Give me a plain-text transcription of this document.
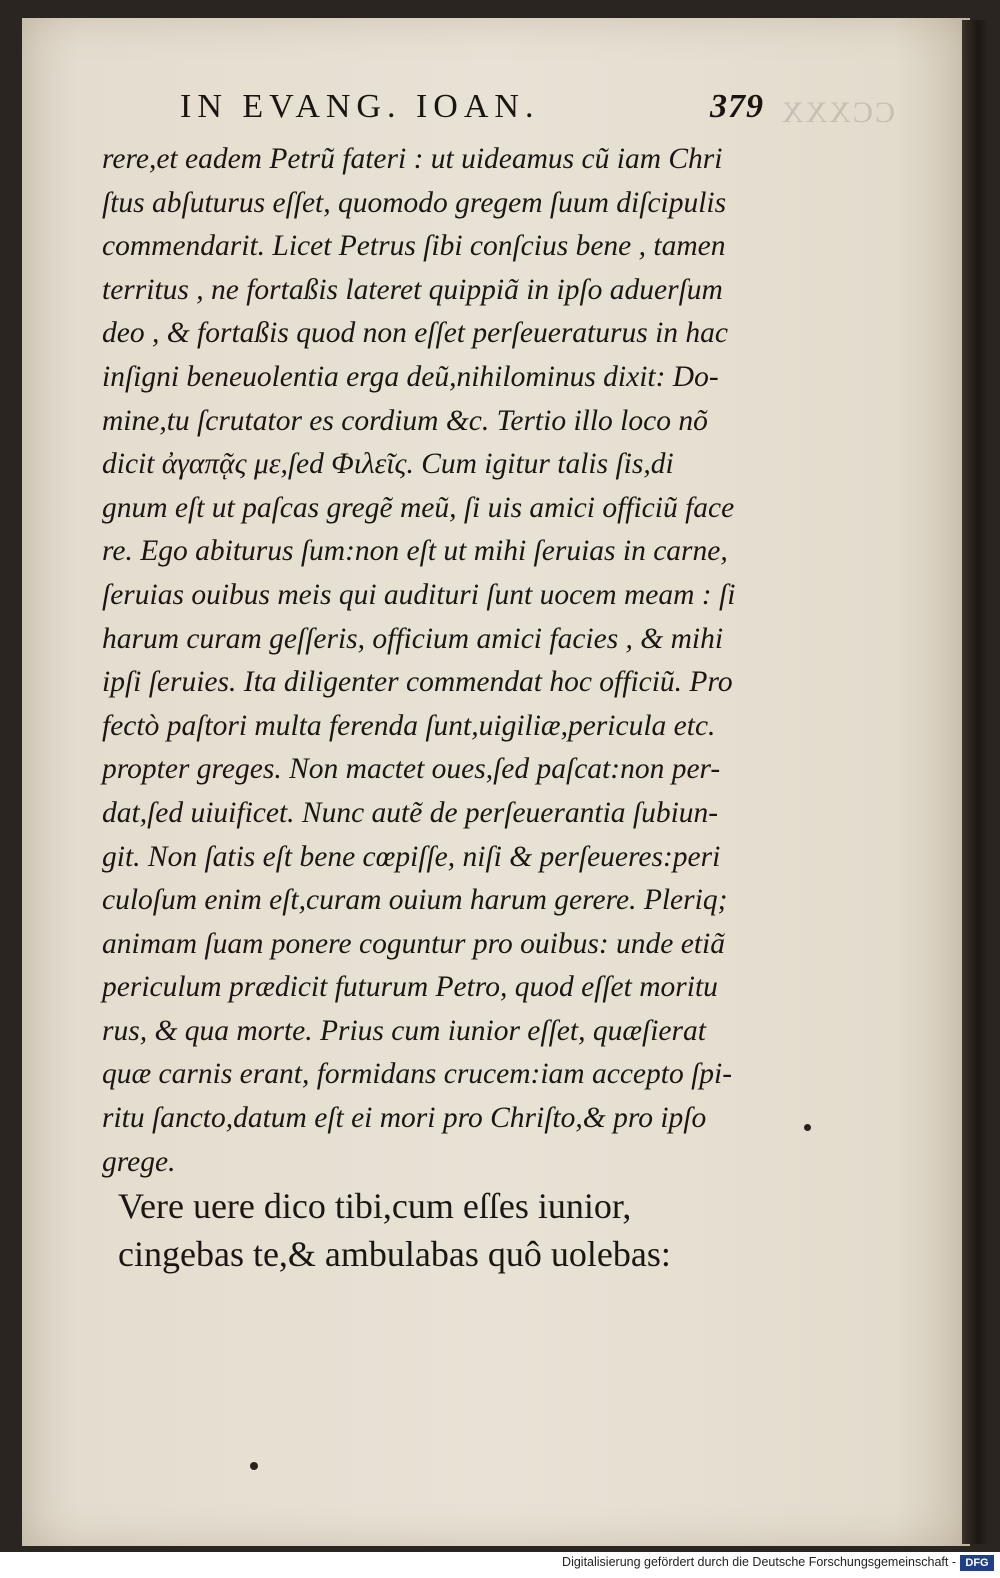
CCXXX
IN EVANG. IOAN.	379
rere,et eadem Petrũ fateri : ut uideamus cũ iam Chri
ſtus abſuturus eſſet, quomodo gregem ſuum diſcipulis
commendarit. Licet Petrus ſibi conſcius bene , tamen
territus , ne fortaßis lateret quippiã in ipſo aduerſum
deo , & fortaßis quod non eſſet perſeueraturus in hac
inſigni beneuolentia erga deũ,nihilominus dixit: Do-
mine,tu ſcrutator es cordium &c. Tertio illo loco nõ
dicit ἀγαπᾷς με,ſed Φιλεῖς. Cum igitur talis ſis,di
gnum eſt ut paſcas gregẽ meũ, ſi uis amici officiũ face
re. Ego abiturus ſum:non eſt ut mihi ſeruias in carne,
ſeruias ouibus meis qui audituri ſunt uocem meam : ſi
harum curam geſſeris, officium amici facies , & mihi
ipſi ſeruies. Ita diligenter commendat hoc officiũ. Pro
fectò paſtori multa ferenda ſunt,uigiliæ,pericula etc.
propter greges. Non mactet oues,ſed paſcat:non per-
dat,ſed uiuificet. Nunc autẽ de perſeuerantia ſubiun-
git. Non ſatis eſt bene cœpiſſe, niſi & perſeueres:peri
culoſum enim eſt,curam ouium harum gerere. Pleriq;
animam ſuam ponere coguntur pro ouibus: unde etiã
periculum prædicit futurum Petro, quod eſſet moritu
rus, & qua morte. Prius cum iunior eſſet, quæſierat
quæ carnis erant, formidans crucem:iam accepto ſpi-
ritu ſancto,datum eſt ei mori pro Chriſto,& pro ipſo
grege.
Vere uere dico tibi,cum eſſes iunior,
cingebas te,& ambulabas quô uolebas:
Digitalisierung gefördert durch die Deutsche Forschungsgemeinschaft - DFG
